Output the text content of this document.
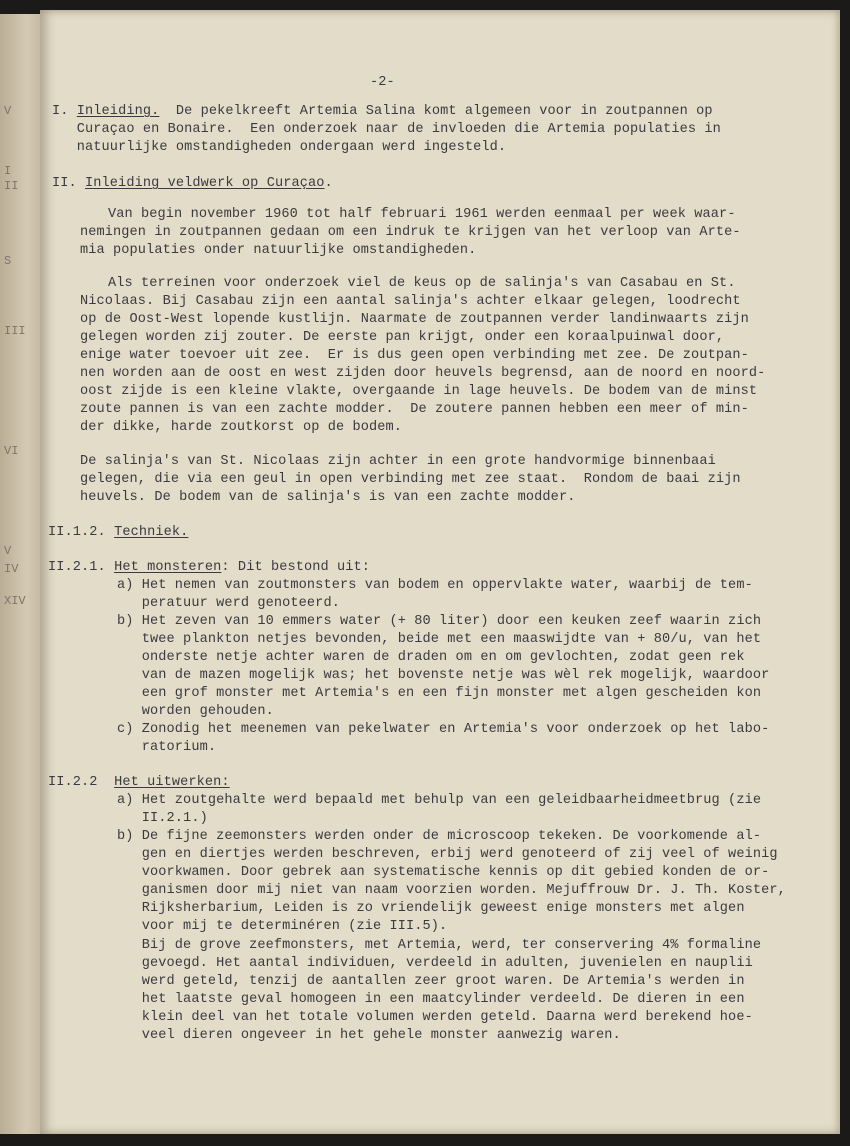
V
I
II
S
III
VI
V
IV
XIV
-2-
I. Inleiding.  De pekelkreeft Artemia Salina komt algemeen voor in zoutpannen op
Curaçao en Bonaire.  Een onderzoek naar de invloeden die Artemia populaties in
natuurlijke omstandigheden ondergaan werd ingesteld.
II. Inleiding veldwerk op Curaçao.
Van begin november 1960 tot half februari 1961 werden eenmaal per week waar-
nemingen in zoutpannen gedaan om een indruk te krijgen van het verloop van Arte-
mia populaties onder natuurlijke omstandigheden.
Als terreinen voor onderzoek viel de keus op de salinja's van Casabau en St.
Nicolaas. Bij Casabau zijn een aantal salinja's achter elkaar gelegen, loodrecht
op de Oost-West lopende kustlijn. Naarmate de zoutpannen verder landinwaarts zijn
gelegen worden zij zouter. De eerste pan krijgt, onder een koraalpuinwal door,
enige water toevoer uit zee.  Er is dus geen open verbinding met zee. De zoutpan-
nen worden aan de oost en west zijden door heuvels begrensd, aan de noord en noord-
oost zijde is een kleine vlakte, overgaande in lage heuvels. De bodem van de minst
zoute pannen is van een zachte modder.  De zoutere pannen hebben een meer of min-
der dikke, harde zoutkorst op de bodem.
De salinja's van St. Nicolaas zijn achter in een grote handvormige binnenbaai
gelegen, die via een geul in open verbinding met zee staat.  Rondom de baai zijn
heuvels. De bodem van de salinja's is van een zachte modder.
II.1.2. Techniek.
II.2.1. Het monsteren: Dit bestond uit:
a) Het nemen van zoutmonsters van bodem en oppervlakte water, waarbij de tem-
peratuur werd genoteerd.
b) Het zeven van 10 emmers water (+ 80 liter) door een keuken zeef waarin zich
twee plankton netjes bevonden, beide met een maaswijdte van + 80/u, van het
onderste netje achter waren de draden om en om gevlochten, zodat geen rek
van de mazen mogelijk was; het bovenste netje was wèl rek mogelijk, waardoor
een grof monster met Artemia's en een fijn monster met algen gescheiden kon
worden gehouden.
c) Zonodig het meenemen van pekelwater en Artemia's voor onderzoek op het labo-
ratorium.
II.2.2  Het uitwerken:
a) Het zoutgehalte werd bepaald met behulp van een geleidbaarheidmeetbrug (zie
II.2.1.)
b) De fijne zeemonsters werden onder de microscoop tekeken. De voorkomende al-
gen en diertjes werden beschreven, erbij werd genoteerd of zij veel of weinig
voorkwamen. Door gebrek aan systematische kennis op dit gebied konden de or-
ganismen door mij niet van naam voorzien worden. Mejuffrouw Dr. J. Th. Koster,
Rijksherbarium, Leiden is zo vriendelijk geweest enige monsters met algen
voor mij te determinéren (zie III.5).
Bij de grove zeefmonsters, met Artemia, werd, ter conservering 4% formaline
gevoegd. Het aantal individuen, verdeeld in adulten, juvenielen en nauplii
werd geteld, tenzij de aantallen zeer groot waren. De Artemia's werden in
het laatste geval homogeen in een maatcylinder verdeeld. De dieren in een
klein deel van het totale volumen werden geteld. Daarna werd berekend hoe-
veel dieren ongeveer in het gehele monster aanwezig waren.
